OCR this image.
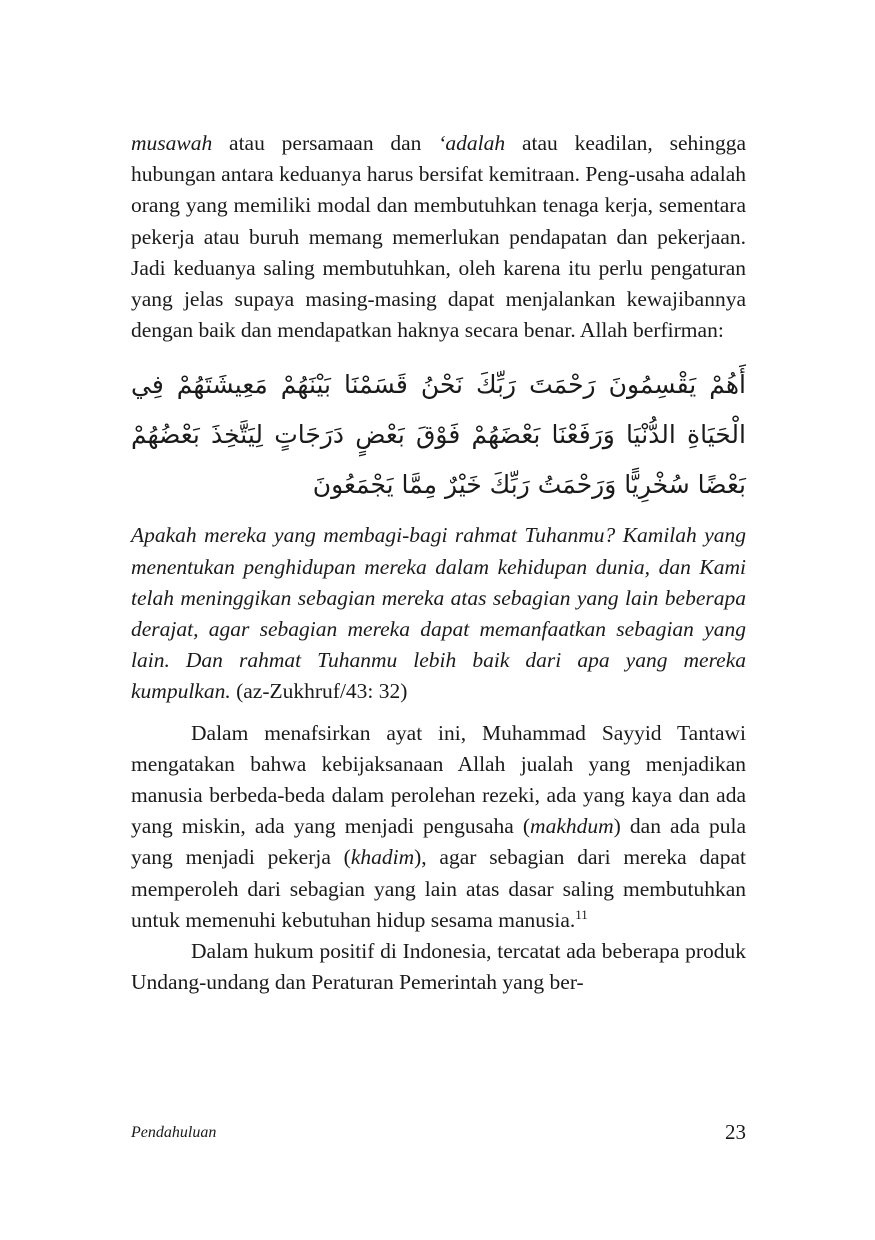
musawah atau persamaan dan ‘adalah atau keadilan, sehingga hubungan antara keduanya harus bersifat kemitraan. Peng-usaha adalah orang yang memiliki modal dan membutuhkan tenaga kerja, sementara pekerja atau buruh memang memerlukan pendapatan dan pekerjaan. Jadi keduanya saling membutuhkan, oleh karena itu perlu pengaturan yang jelas supaya masing-masing dapat menjalankan kewajibannya dengan baik dan mendapatkan haknya secara benar. Allah berfirman:

أَهُمْ يَقْسِمُونَ رَحْمَتَ رَبِّكَ نَحْنُ قَسَمْنَا بَيْنَهُمْ مَعِيشَتَهُمْ فِي الْحَيَاةِ الدُّنْيَا وَرَفَعْنَا بَعْضَهُمْ فَوْقَ بَعْضٍ دَرَجَاتٍ لِيَتَّخِذَ بَعْضُهُمْ بَعْضًا سُخْرِيًّا وَرَحْمَتُ رَبِّكَ خَيْرٌ مِمَّا يَجْمَعُونَ

Apakah mereka yang membagi-bagi rahmat Tuhanmu? Kamilah yang menentukan penghidupan mereka dalam kehidupan dunia, dan Kami telah meninggikan sebagian mereka atas sebagian yang lain beberapa derajat, agar sebagian mereka dapat memanfaatkan sebagian yang lain. Dan rahmat Tuhanmu lebih baik dari apa yang mereka kumpulkan. (az-Zukhruf/43: 32)

Dalam menafsirkan ayat ini, Muhammad Sayyid Tantawi mengatakan bahwa kebijaksanaan Allah jualah yang menjadikan manusia berbeda-beda dalam perolehan rezeki, ada yang kaya dan ada yang miskin, ada yang menjadi pengusaha (makhdum) dan ada pula yang menjadi pekerja (khadim), agar sebagian dari mereka dapat memperoleh dari sebagian yang lain atas dasar saling membutuhkan untuk memenuhi kebutuhan hidup sesama manusia.$^{11}$

Dalam hukum positif di Indonesia, tercatat ada beberapa produk Undang-undang dan Peraturan Pemerintah yang ber-

Pendahuluan	23
